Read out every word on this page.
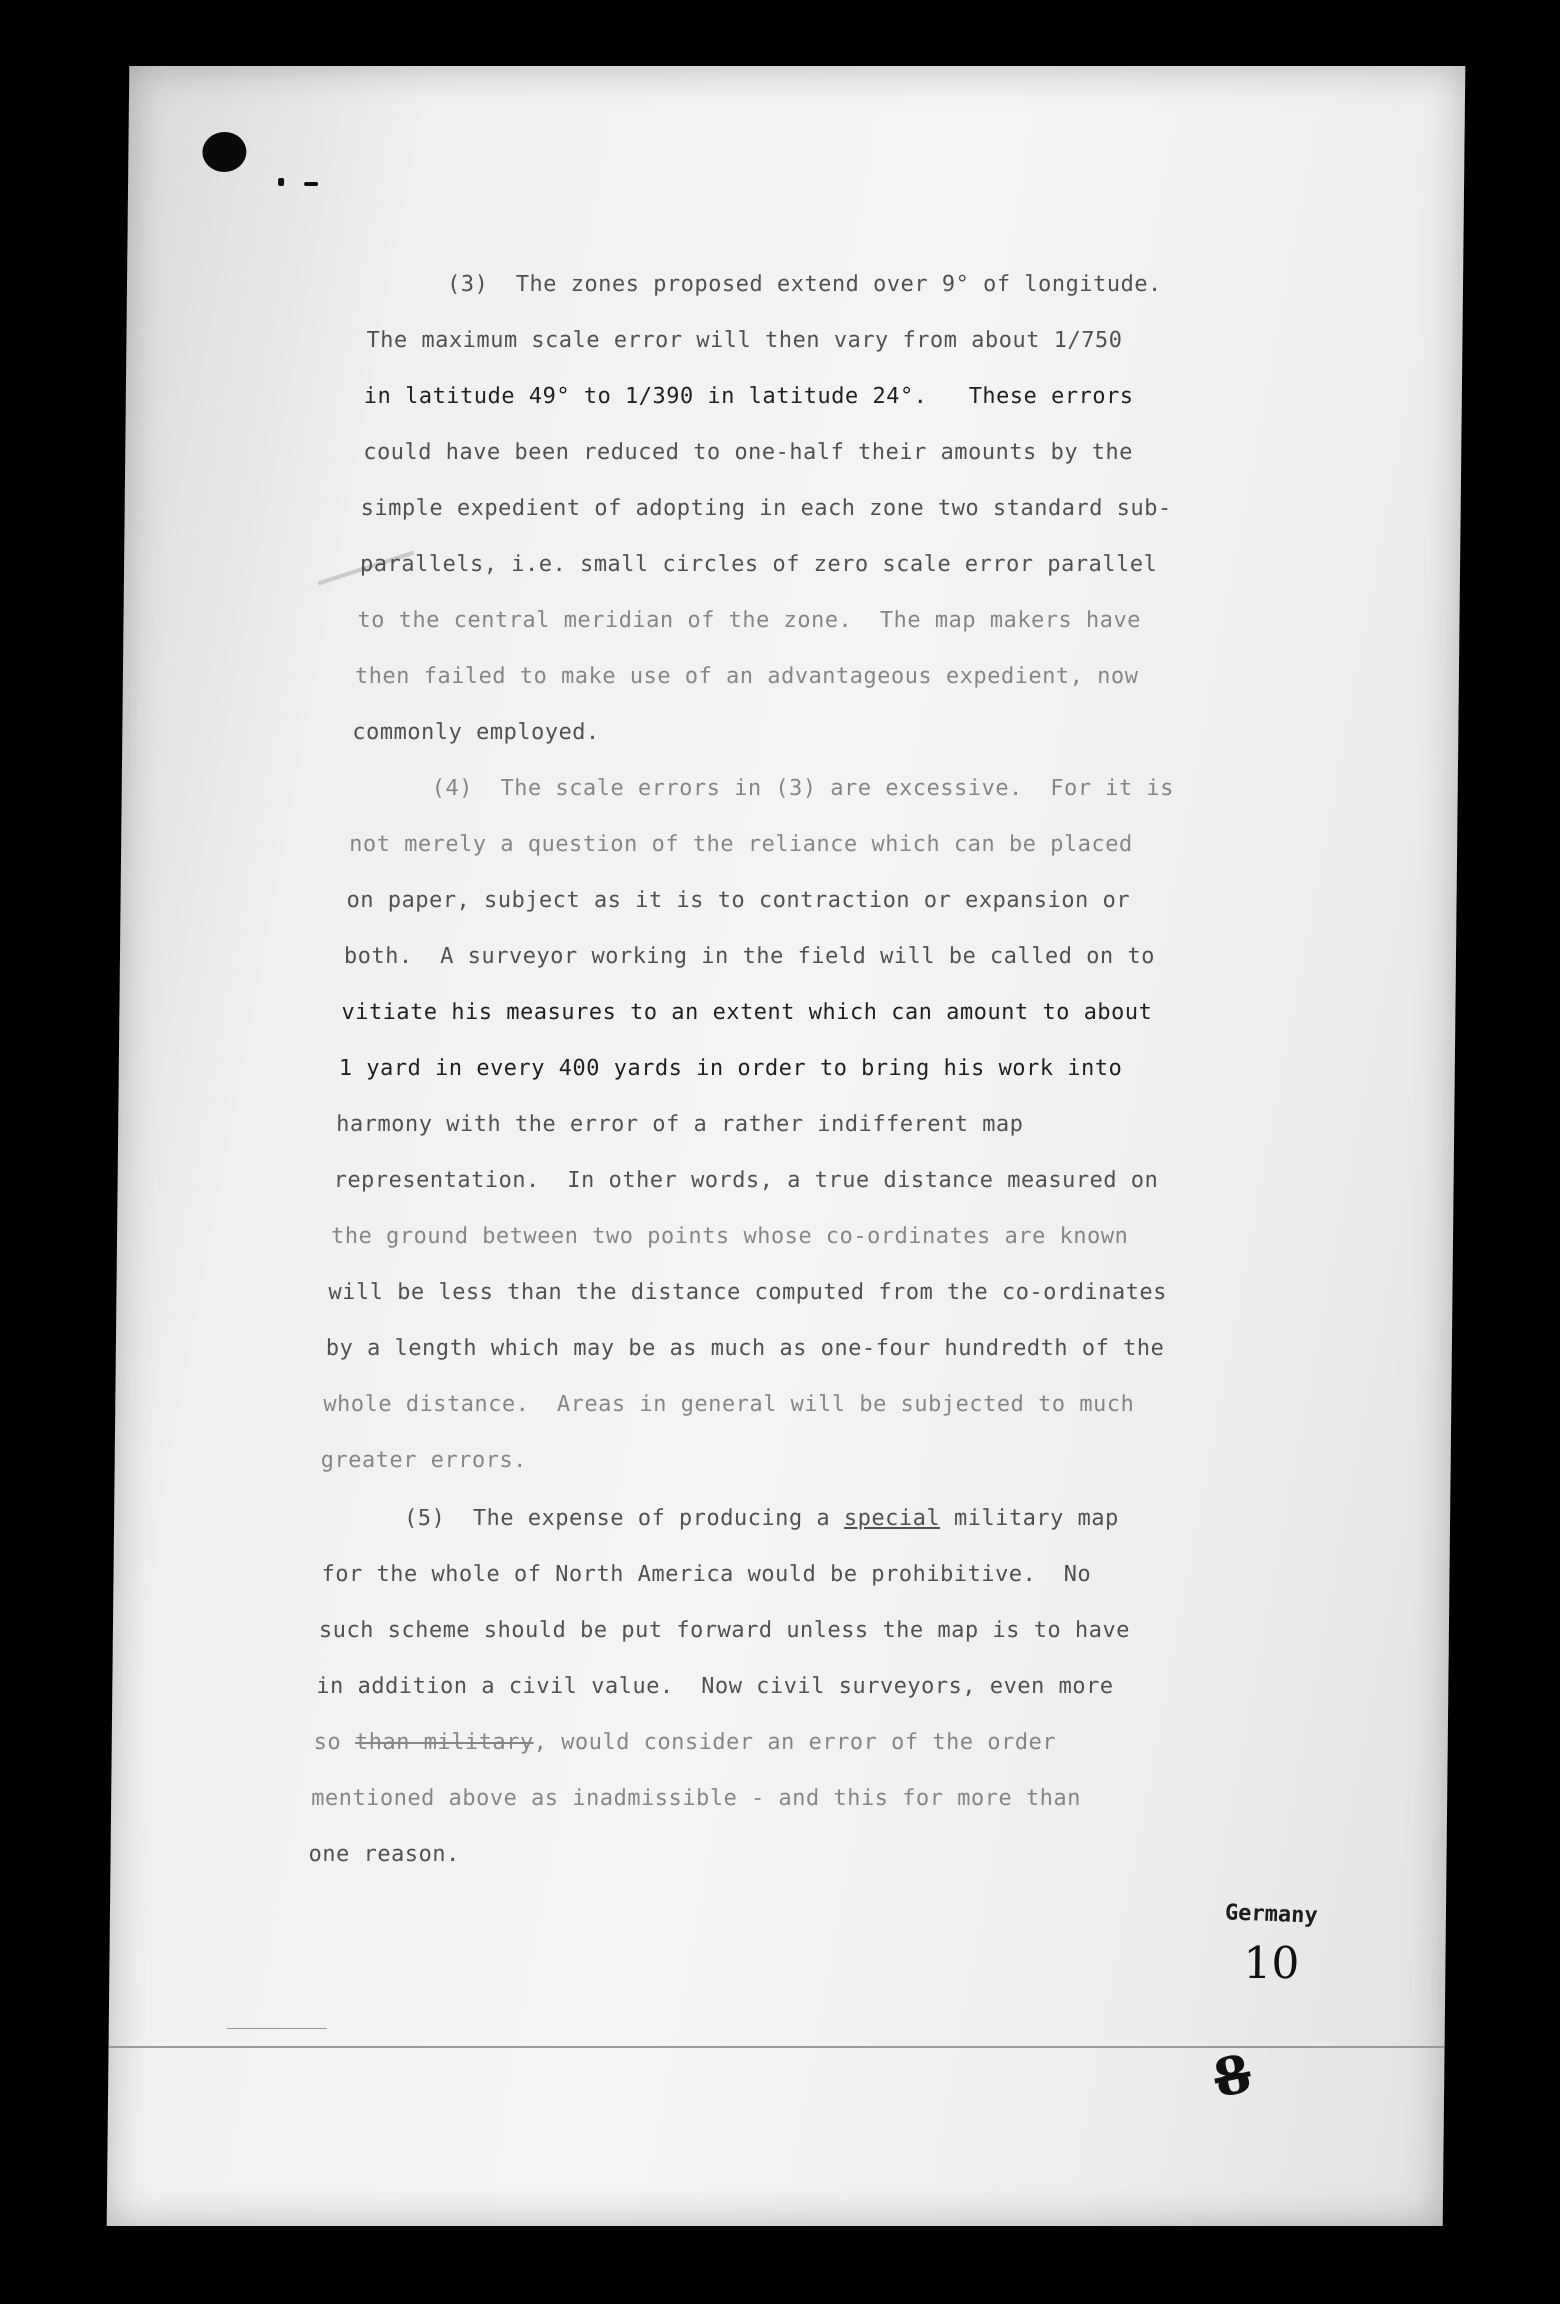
(3)  The zones proposed extend over 9° of longitude.
The maximum scale error will then vary from about 1/750
in latitude 49° to 1/390 in latitude 24°.   These errors
could have been reduced to one-half their amounts by the
simple expedient of adopting in each zone two standard sub-
parallels, i.e. small circles of zero scale error parallel
to the central meridian of the zone.  The map makers have
then failed to make use of an advantageous expedient, now
commonly employed.
(4)  The scale errors in (3) are excessive.  For it is
not merely a question of the reliance which can be placed
on paper, subject as it is to contraction or expansion or
both.  A surveyor working in the field will be called on to
vitiate his measures to an extent which can amount to about
1 yard in every 400 yards in order to bring his work into
harmony with the error of a rather indifferent map
representation.  In other words, a true distance measured on
the ground between two points whose co-ordinates are known
will be less than the distance computed from the co-ordinates
by a length which may be as much as one-four hundredth of the
whole distance.  Areas in general will be subjected to much
greater errors.
(5)  The expense of producing a special military map
for the whole of North America would be prohibitive.  No
such scheme should be put forward unless the map is to have
in addition a civil value.  Now civil surveyors, even more
so than military, would consider an error of the order
mentioned above as inadmissible - and this for more than
one reason.
Germany
10
8
